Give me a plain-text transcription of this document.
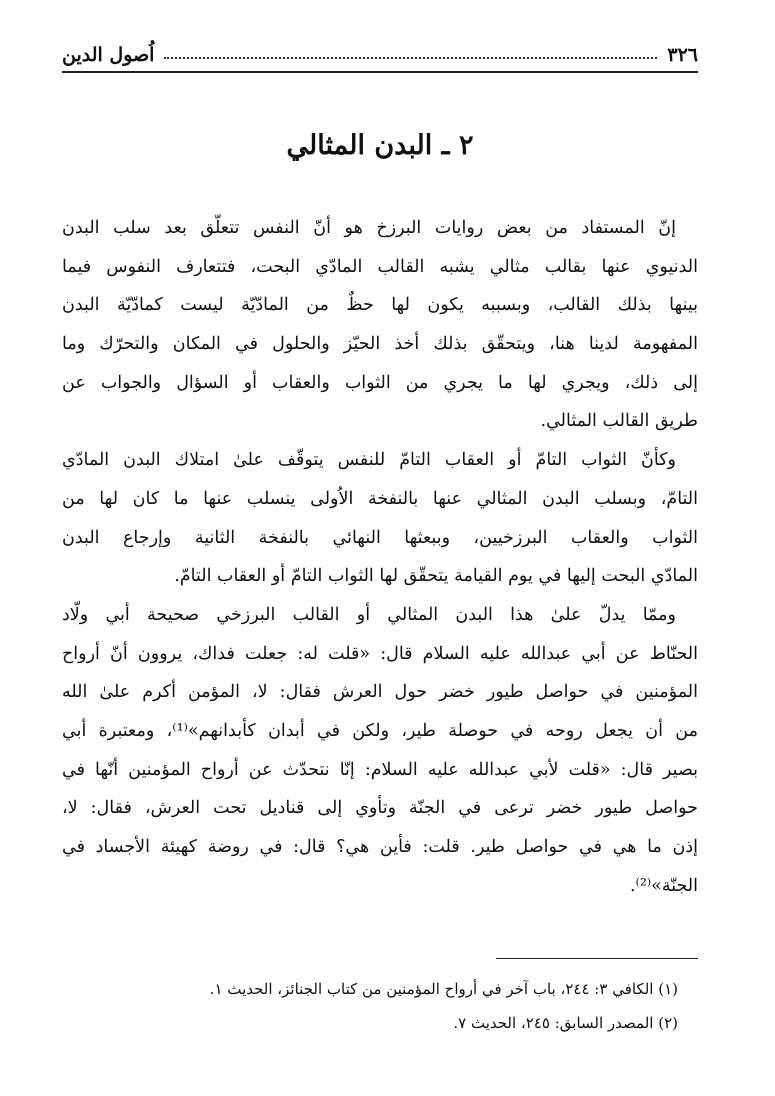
٣٢٦
اُصول الدين
٢ ـ البدن المثالي
إنّ المستفاد من بعض روايات البرزخ هو أنّ النفس تتعلّق بعد سلب البدن
الدنيوي عنها بقالب مثالي يشبه القالب المادّي البحت، فتتعارف النفوس فيما
بينها بذلك القالب، وبسببه يكون لها حظٌ من المادّيّة ليست كمادّيّة البدن
المفهومة لدينا هنا، ويتحقّق بذلك أخذ الحيّز والحلول في المكان والتحرّك وما
إلى ذلك، ويجري لها ما يجري من الثواب والعقاب أو السؤال والجواب عن
طريق القالب المثالي.
وكأنّ الثواب التامّ أو العقاب التامّ للنفس يتوقّف علىٰ امتلاك البدن المادّي
التامّ، وبسلب البدن المثالي عنها بالنفخة الاُولى ينسلب عنها ما كان لها من
الثواب والعقاب البرزخيين، وببعثها النهائي بالنفخة الثانية وإرجاع البدن
المادّي البحت إليها في يوم القيامة يتحقّق لها الثواب التامّ أو العقاب التامّ.
وممّا يدلّ علىٰ هذا البدن المثالي أو القالب البرزخي صحيحة أبي ولّاد
الحنّاط عن أبي عبدالله عليه السلام قال: «قلت له: جعلت فداك، يروون أنّ أرواح
المؤمنين في حواصل طيور خضر حول العرش فقال: لا، المؤمن أكرم علىٰ الله
من أن يجعل روحه في حوصلة طير، ولكن في أبدان كأبدانهم»⁽¹⁾، ومعتبرة أبي
بصير قال: «قلت لأبي عبدالله عليه السلام: إنّا نتحدّث عن أرواح المؤمنين أنّها في
حواصل طيور خضر ترعى في الجنّة وتأوي إلى قناديل تحت العرش، فقال: لا،
إذن ما هي في حواصل طير. قلت: فأين هي؟ قال: في روضة كهيئة الأجساد في
الجنّة»⁽²⁾.
(١) الكافي ٣: ٢٤٤، باب آخر في أرواح المؤمنين من كتاب الجنائز، الحديث ١.
(٢) المصدر السابق: ٢٤٥، الحديث ٧.
